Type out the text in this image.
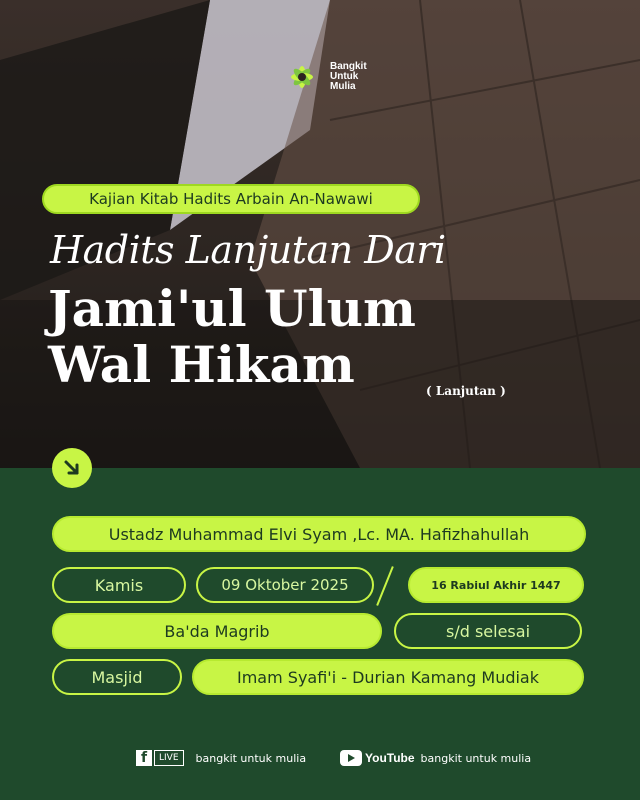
Bangkit
Untuk
Mulia
Kajian Kitab Hadits Arbain An-Nawawi
Hadits Lanjutan Dari
Jami'ul Ulum
Wal Hikam	( Lanjutan )
Ustadz Muhammad Elvi Syam ,Lc. MA. Hafizhahullah
Kamis	09 Oktober 2025	16 Rabiul Akhir 1447
Ba'da Magrib	s/d selesai
Masjid	Imam Syafi'i - Durian Kamang Mudiak
f	LIVE	bangkit untuk mulia	YouTube bangkit untuk mulia
